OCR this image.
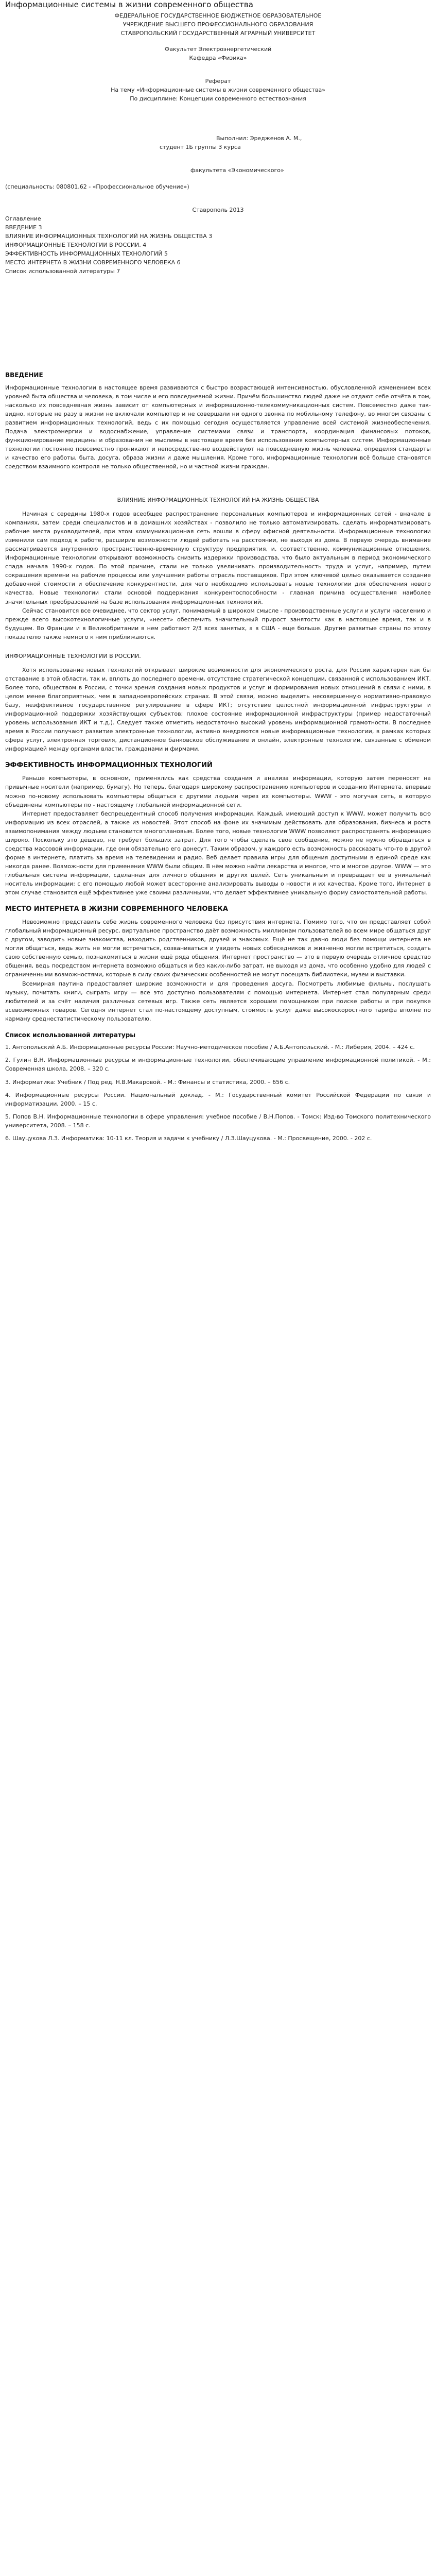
Информационные системы в жизни современного общества

ФЕДЕРАЛЬНОЕ ГОСУДАРСТВЕННОЕ БЮДЖЕТНОЕ ОБРАЗОВАТЕЛЬНОЕ

УЧРЕЖДЕНИЕ ВЫСШЕГО ПРОФЕССИОНАЛЬНОГО ОБРАЗОВАНИЯ

СТАВРОПОЛЬСКИЙ ГОСУДАРСТВЕННЫЙ АГРАРНЫЙ УНИВЕРСИТЕТ

Факультет Электроэнергетический

Кафедра «Физика»

Реферат

На тему «Информационные системы в жизни современного общества»

По дисциплине: Концепции современного естествознания

Выполнил: Эредженов А. М.,

студент 1Б группы 3 курса

факультета «Экономического»

(специальность: 080801.62 - «Профессиональное обучение»)

Ставрополь 2013

Оглавление

ВВЕДЕНИЕ 3

ВЛИЯНИЕ ИНФОРМАЦИОННЫХ ТЕХНОЛОГИЙ НА ЖИЗНЬ ОБЩЕСТВА 3

ИНФОРМАЦИОННЫЕ ТЕХНОЛОГИИ В РОССИИ. 4

ЭФФЕКТИВНОСТЬ ИНФОРМАЦИОННЫХ ТЕХНОЛОГИЙ 5

МЕСТО ИНТЕРНЕТА В ЖИЗНИ СОВРЕМЕННОГО ЧЕЛОВЕКА 6

Список использованной литературы 7

ВВЕДЕНИЕ

Информационные технологии в настоящее время развиваются с быстро возрастающей интенсивностью, обусловленной изменением всех уровней быта общества и человека, в том числе и его повседневной жизни. Причём большинство людей даже не отдают себе отчёта в том, насколько их повседневная жизнь зависит от компьютерных и информационно-телекоммуникационных систем. Повсеместно даже так-видно, которые не разу в жизни не включали компьютер и не совершали ни одного звонка по мобильному телефону, во многом связаны с развитием информационных технологий, ведь с их помощью сегодня осуществляется управление всей системой жизнеобеспечения. Подача электроэнергии и водоснабжение, управление системами связи и транспорта, координация финансовых потоков, функционирование медицины и образования не мыслимы в настоящее время без использования компьютерных систем. Информационные технологии постоянно повсеместно проникают и непосредственно воздействуют на повседневную жизнь человека, определяя стандарты и качество его работы, быта, досуга, образа жизни и даже мышления. Кроме того, информационные технологии всё больше становятся средством взаимного контроля не только общественной, но и частной жизни граждан.

ВЛИЯНИЕ ИНФОРМАЦИОННЫХ ТЕХНОЛОГИЙ НА ЖИЗНЬ ОБЩЕСТВА

Начиная с середины 1980-х годов всеобщее распространение персональных компьютеров и информационных сетей - вначале в компаниях, затем среди специалистов и в домашних хозяйствах - позволило не только автоматизировать, сделать информатизировать рабочие места руководителей, при этом коммуникационная сеть вошли в сферу офисной деятельности. Информационные технологии изменили сам подход к работе, расширив возможности людей работать на расстоянии, не выходя из дома. В первую очередь внимание рассматривается внутреннюю пространственно-временную структуру предприятия, и, соответственно, коммуникационные отношения. Информационные технологии открывают возможность снизить издержки производства, что было актуальным в период экономического спада начала 1990-х годов. По этой причине, стали не только увеличивать производительность труда и услуг, например, путем сокращения времени на рабочие процессы или улучшения работы отрасль поставщиков. При этом ключевой целью оказывается создание добавочной стоимости и обеспечение конкурентности, для чего необходимо использовать новые технологии для обеспечения нового качества. Новые технологии стали основой поддержания конкурентоспособности - главная причина осуществления наиболее значительных преобразований на базе использования информационных технологий.

Сейчас становится все очевиднее, что сектор услуг, понимаемый в широком смысле - производственные услуги и услуги населению и прежде всего высокотехнологичные услуги, «несет» обеспечить значительный прирост занятости как в настоящее время, так и в будущем. Во Франции и в Великобритании в нем работают 2/3 всех занятых, а в США - еще больше. Другие развитые страны по этому показателю также немного к ним приближаются.

ИНФОРМАЦИОННЫЕ ТЕХНОЛОГИИ В РОССИИ.

Хотя использование новых технологий открывает широкие возможности для экономического роста, для России характерен как бы отставание в этой области, так и, вплоть до последнего времени, отсутствие стратегической концепции, связанной с использованием ИКТ. Более того, обществом в России, с точки зрения создания новых продуктов и услуг и формирования новых отношений в связи с ними, в целом менее благоприятных, чем в западноевропейских странах. В этой связи, можно выделить несовершенную нормативно-правовую базу, неэффективное государственное регулирование в сфере ИКТ; отсутствие целостной информационной инфраструктуры и информационной поддержки хозяйствующих субъектов; плохое состояние информационной инфраструктуры (пример недостаточный уровень использования ИКТ и т.д.). Следует также отметить недостаточно высокий уровень информационной грамотности. В последнее время в России получают развитие электронные технологии, активно внедряются новые информационные технологии, в рамках которых сфера услуг, электронная торговля, дистанционное банковское обслуживание и онлайн, электронные технологии, связанные с обменом информацией между органами власти, гражданами и фирмами.

ЭФФЕКТИВНОСТЬ ИНФОРМАЦИОННЫХ ТЕХНОЛОГИЙ

Раньше компьютеры, в основном, применялись как средства создания и анализа информации, которую затем переносят на привычные носители (например, бумагу). Но теперь, благодаря широкому распространению компьютеров и созданию Интернета, впервые можно по-новому использовать компьютеры общаться с другими людьми через их компьютеры. WWW - это могучая сеть, в которую объединены компьютеры по - настоящему глобальной информационной сети.

Интернет предоставляет беспрецедентный способ получения информации. Каждый, имеющий доступ к WWW, может получить всю информацию из всех отраслей, а также из новостей. Этот способ на фоне их значимым действовать для образования, бизнеса и роста взаимопонимания между людьми становится многоплановым. Более того, новые технологии WWW позволяют распространять информацию широко. Поскольку это дёшево, не требует больших затрат. Для того чтобы сделать свое сообщение, можно не нужно обращаться в средства массовой информации, где они обязательно его донесут. Таким образом, у каждого есть возможность рассказать что-то в другой форме в интернете, платить за время на телевидении и радио. Веб делает правила игры для общения доступными в единой среде как никогда ранее. Возможности для применения WWW были общим. В нём можно найти лекарства и многое, что и многое другое. WWW — это глобальная система информации, сделанная для личного общения и других целей. Сеть уникальным и превращает её в уникальный носитель информации: с его помощью любой может всесторонне анализировать выводы о новости и их качества. Кроме того, Интернет в этом случае становится ещё эффективнее уже своими различными, что делает эффективнее уникальную форму самостоятельной работы.

МЕСТО ИНТЕРНЕТА В ЖИЗНИ СОВРЕМЕННОГО ЧЕЛОВЕКА

Невозможно представить себе жизнь современного человека без присутствия интернета. Помимо того, что он представляет собой глобальный информационный ресурс, виртуальное пространство даёт возможность миллионам пользователей во всем мире общаться друг с другом, заводить новые знакомства, находить родственников, друзей и знакомых. Ещё не так давно люди без помощи интернета не могли общаться, ведь жить не могли встречаться, созваниваться и увидеть новых собеседников и жизненно могли встретиться, создать свою собственную семью, познакомиться в жизни ещё ряда общения. Интернет пространство — это в первую очередь отличное средство общения, ведь посредством интернета возможно общаться и без каких-либо затрат, не выходя из дома, что особенно удобно для людей с ограниченными возможностями, которые в силу своих физических особенностей не могут посещать библиотеки, музеи и выставки.

Всемирная паутина предоставляет широкие возможности и для проведения досуга. Посмотреть любимые фильмы, послушать музыку, почитать книги, сыграть игру — все это доступно пользователям с помощью интернета. Интернет стал популярным среди любителей и за счёт наличия различных сетевых игр. Также сеть является хорошим помощником при поиске работы и при покупке всевозможных товаров. Сегодня интернет стал по-настоящему доступным, стоимость услуг даже высокоскоростного тарифа вполне по карману среднестатистическому пользователю.

Список использованной литературы
1. Антопольский А.Б. Информационные ресурсы России: Научно-методическое пособие / А.Б.Антопольский. - М.: Либерия, 2004. – 424 с.
2. Гулин В.Н. Информационные ресурсы и информационные технологии, обеспечивающие управление информационной политикой. - М.: Современная школа, 2008. – 320 с.
3. Информатика: Учебник / Под ред. Н.В.Макаровой. - М.: Финансы и статистика, 2000. – 656 с.
4. Информационные ресурсы России. Национальный доклад. - М.: Государственный комитет Российской Федерации по связи и информатизации, 2000. – 15 с.
5. Попов В.Н. Информационные технологии в сфере управления: учебное пособие / В.Н.Попов. - Томск: Изд-во Томского политехнического университета, 2008. – 158 с.
6. Шауцукова Л.З. Информатика: 10-11 кл. Теория и задачи к учебнику / Л.З.Шауцукова. - М.: Просвещение, 2000. - 202 с.
